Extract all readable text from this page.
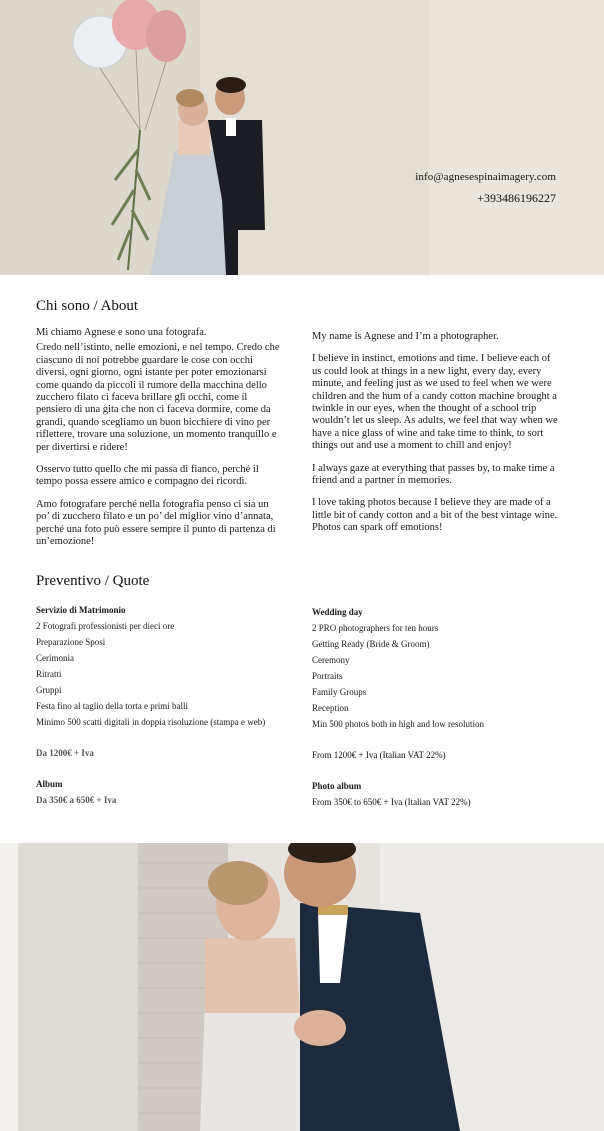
info@agnesespinaimagery.com
+393486196227
Chi sono / About

Mi chiamo Agnese e sono una fotografa.

Credo nell’istinto, nelle emozioni, e nel tempo. Credo che ciascuno di noi potrebbe guardare le cose con occhi diversi, ogni giorno, ogni istante per poter emozionarsi come quando da piccoli il rumore della macchina dello zucchero filato ci faceva brillare gli occhi, come il pensiero di una gita che non ci faceva dormire, come da grandi, quando scegliamo un buon bicchiere di vino per riflettere, trovare una soluzione, un momento tranquillo e per divertirsi e ridere!

Osservo tutto quello che mi passa di fianco, perché il tempo possa essere amico e compagno dei ricordi.

Amo fotografare perché nella fotografia penso ci sia un po’ di zucchero filato e un po’ del miglior vino d’annata, perché una foto può essere sempre il punto di partenza di un’emozione!

My name is Agnese and I’m a photographer.

I believe in instinct, emotions and time. I believe each of us could look at things in a new light, every day, every minute, and feeling just as we used to feel when we were children and the hum of a candy cotton machine brought a twinkle in our eyes, when the thought of a school trip wouldn’t let us sleep. As adults, we feel that way when we have a nice glass of wine and take time to think, to sort things out and use a moment to chill and enjoy!

I always gaze at everything that passes by, to make time a friend and a partner in memories.

I love taking photos because I believe they are made of a little bit of candy cotton and a bit of the best vintage wine. Photos can spark off emotions!

Preventivo / Quote
Servizio di Matrimonio
2 Fotografi professionisti per dieci ore
Preparazione Sposi
Cerimonia
Ritratti
Gruppi
Festa fino al taglio della torta e primi balli
Minimo 500 scatti digitali in doppia risoluzione (stampa e web)
Da 1200€ + Iva
Album
Da 350€ a 650€ + Iva
Wedding day
2 PRO photographers for ten hours
Getting Ready (Bride & Groom)
Ceremony
Portraits
Family Groups
Reception
Min 500 photos both in high and low resolution
From 1200€ + Iva (Italian VAT 22%)
Photo album
From 350€ to 650€ + Iva (Italian VAT 22%)
